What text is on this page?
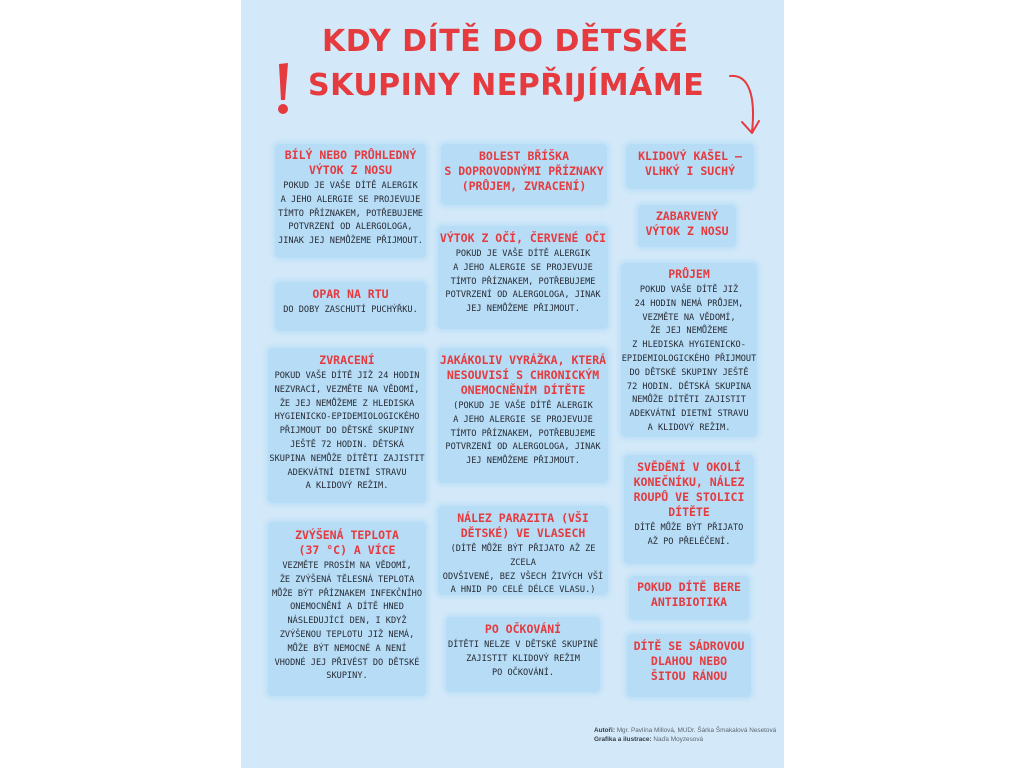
KDY DÍTĚ DO DĚTSKÉ
SKUPINY NEPŘIJÍMÁME
BÍLÝ NEBO PRŮHLEDNÝ
VÝTOK Z NOSU
POKUD JE VAŠE DÍTĚ ALERGIK
A JEHO ALERGIE SE PROJEVUJE
TÍMTO PŘÍZNAKEM, POTŘEBUJEME
POTVRZENÍ OD ALERGOLOGA,
JINAK JEJ NEMŮŽEME PŘIJMOUT.
OPAR NA RTU
DO DOBY ZASCHUTÍ PUCHÝŘKU.
ZVRACENÍ
POKUD VAŠE DÍTĚ JIŽ 24 HODIN
NEZVRACÍ, VEZMĚTE NA VĚDOMÍ,
ŽE JEJ NEMŮŽEME Z HLEDISKA
HYGIENICKO-EPIDEMIOLOGICKÉHO
PŘIJMOUT DO DĚTSKÉ SKUPINY
JEŠTĚ 72 HODIN. DĚTSKÁ
SKUPINA NEMŮŽE DÍTĚTI ZAJISTIT
ADEKVÁTNÍ DIETNÍ STRAVU
A KLIDOVÝ REŽIM.
ZVÝŠENÁ TEPLOTA
(37 °C) A VÍCE
VEZMĚTE PROSÍM NA VĚDOMÍ,
ŽE ZVÝŠENÁ TĚLESNÁ TEPLOTA
MŮŽE BÝT PŘÍZNAKEM INFEKČNÍHO
ONEMOCNĚNÍ A DÍTĚ HNED
NÁSLEDUJÍCÍ DEN, I KDYŽ
ZVÝŠENOU TEPLOTU JIŽ NEMÁ,
MŮŽE BÝT NEMOCNÉ A NENÍ
VHODNÉ JEJ PŘIVÉST DO DĚTSKÉ
SKUPINY.
BOLEST BŘÍŠKA
S DOPROVODNÝMI PŘÍZNAKY
(PRŮJEM, ZVRACENÍ)
VÝTOK Z OČÍ, ČERVENÉ OČI
POKUD JE VAŠE DÍTĚ ALERGIK
A JEHO ALERGIE SE PROJEVUJE
TÍMTO PŘÍZNAKEM, POTŘEBUJEME
POTVRZENÍ OD ALERGOLOGA, JINAK
JEJ NEMŮŽEME PŘIJMOUT.
JAKÁKOLIV VYRÁŽKA, KTERÁ
NESOUVISÍ S CHRONICKÝM
ONEMOCNĚNÍM DÍTĚTE
(POKUD JE VAŠE DÍTĚ ALERGIK
A JEHO ALERGIE SE PROJEVUJE
TÍMTO PŘÍZNAKEM, POTŘEBUJEME
POTVRZENÍ OD ALERGOLOGA, JINAK
JEJ NEMŮŽEME PŘIJMOUT.
NÁLEZ PARAZITA (VŠI
DĚTSKÉ) VE VLASECH
(DÍTĚ MŮŽE BÝT PŘIJATO AŽ ZE ZCELA
ODVŠIVENÉ, BEZ VŠECH ŽIVÝCH VŠÍ
A HNID PO CELÉ DÉLCE VLASU.)
PO OČKOVÁNÍ
DÍTĚTI NELZE V DĚTSKÉ SKUPINĚ
ZAJISTIT KLIDOVÝ REŽIM
PO OČKOVÁNÍ.
KLIDOVÝ KAŠEL –
VLHKÝ I SUCHÝ
ZABARVENÝ
VÝTOK Z NOSU
PRŮJEM
POKUD VAŠE DÍTĚ JIŽ
24 HODIN NEMÁ PRŮJEM,
VEZMĚTE NA VĚDOMÍ,
ŽE JEJ NEMŮŽEME
Z HLEDISKA HYGIENICKO-
EPIDEMIOLOGICKÉHO PŘIJMOUT
DO DĚTSKÉ SKUPINY JEŠTĚ
72 HODIN. DĚTSKÁ SKUPINA
NEMŮŽE DÍTĚTI ZAJISTIT
ADEKVÁTNÍ DIETNÍ STRAVU
A KLIDOVÝ REŽIM.
SVĚDĚNÍ V OKOLÍ
KONEČNÍKU, NÁLEZ
ROUPŮ VE STOLICI
DÍTĚTE
DÍTĚ MŮŽE BÝT PŘIJATO
AŽ PO PŘELÉČENÍ.
POKUD DÍTĚ BERE
ANTIBIOTIKA
DÍTĚ SE SÁDROVOU
DLAHOU NEBO
ŠITOU RÁNOU
Autoři: Mgr. Pavlína Millová, MUDr. Šárka Šmakalová Nesetová
Grafika a ilustrace: Naďa Moyzesová
